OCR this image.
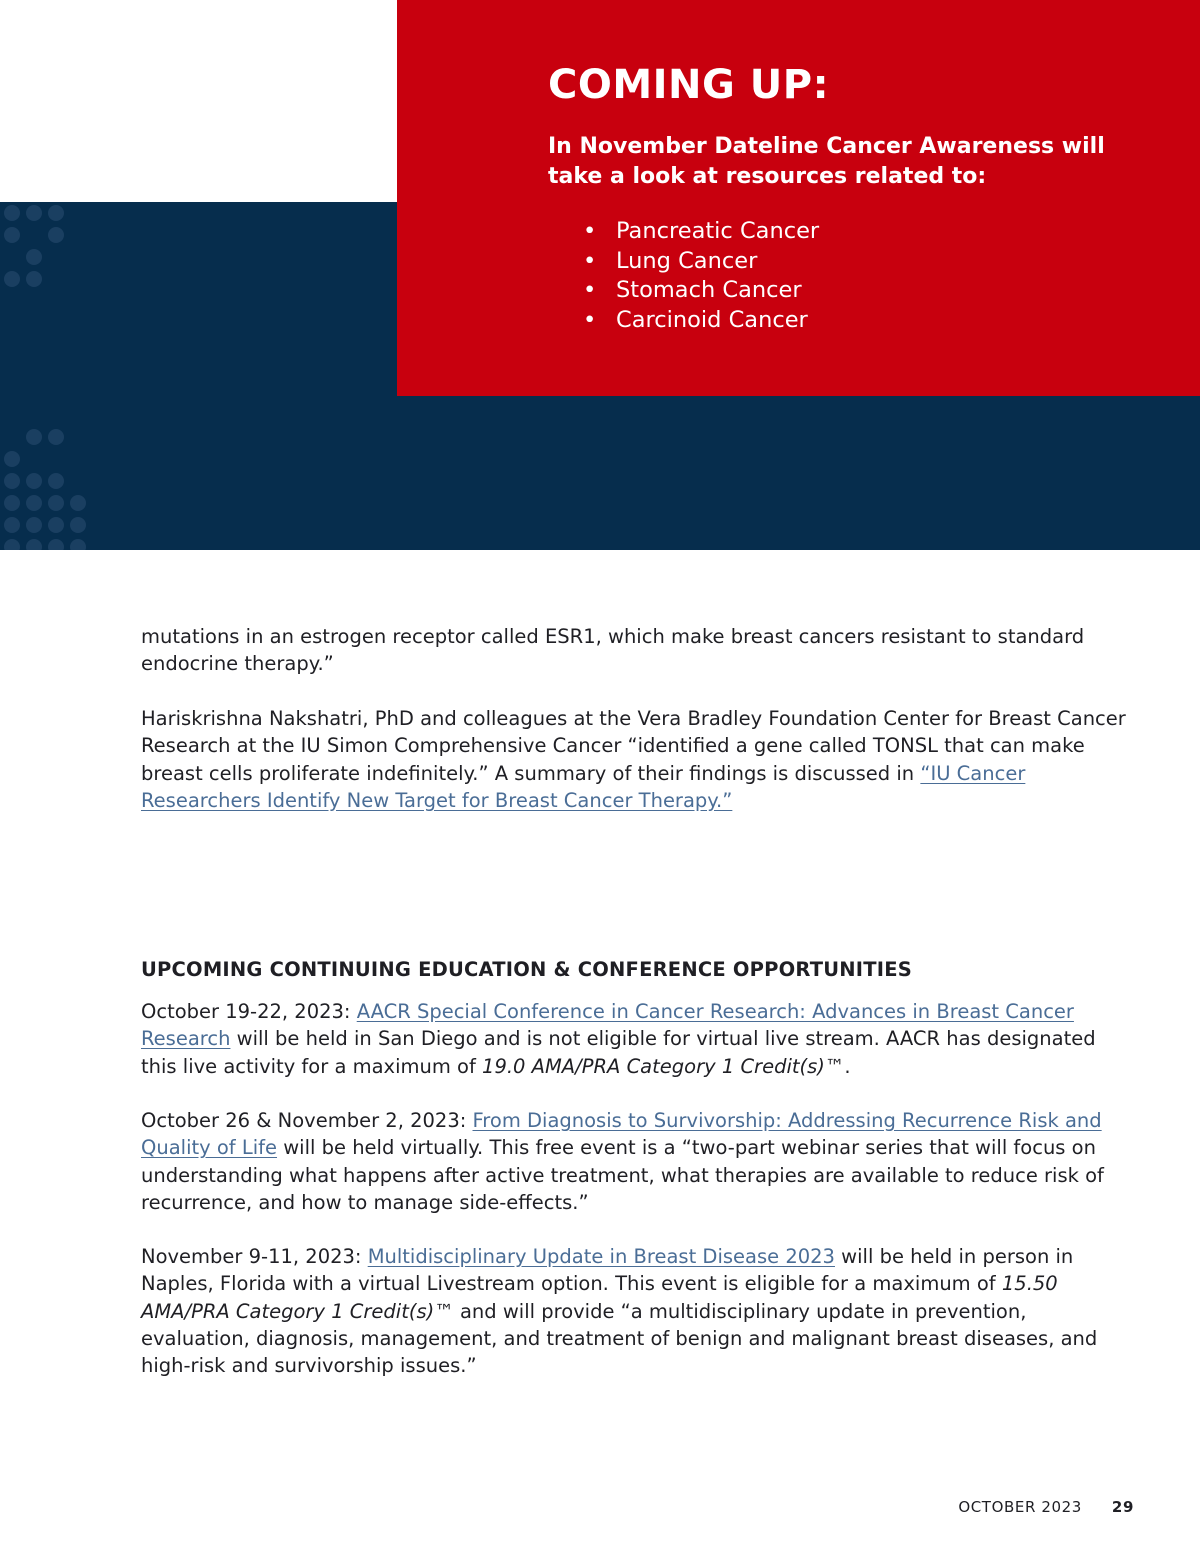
COMING UP:

In November Dateline Cancer Awareness will take a look at resources related to:

• Pancreatic Cancer
• Lung Cancer
• Stomach Cancer
• Carcinoid Cancer

mutations in an estrogen receptor called ESR1, which make breast cancers resistant to standard endocrine therapy.”

Hariskrishna Nakshatri, PhD and colleagues at the Vera Bradley Foundation Center for Breast Cancer Research at the IU Simon Comprehensive Cancer “identified a gene called TONSL that can make breast cells proliferate indefinitely.” A summary of their findings is discussed in “IU Cancer Researchers Identify New Target for Breast Cancer Therapy.”

UPCOMING CONTINUING EDUCATION & CONFERENCE OPPORTUNITIES

October 19-22, 2023: AACR Special Conference in Cancer Research: Advances in Breast Cancer Research will be held in San Diego and is not eligible for virtual live stream. AACR has designated this live activity for a maximum of 19.0 AMA/PRA Category 1 Credit(s)™.

October 26 & November 2, 2023: From Diagnosis to Survivorship: Addressing Recurrence Risk and Quality of Life will be held virtually. This free event is a “two-part webinar series that will focus on understanding what happens after active treatment, what therapies are available to reduce risk of recurrence, and how to manage side-effects.”

November 9-11, 2023: Multidisciplinary Update in Breast Disease 2023 will be held in person in Naples, Florida with a virtual Livestream option. This event is eligible for a maximum of 15.50 AMA/PRA Category 1 Credit(s)™ and will provide “a multidisciplinary update in prevention, evaluation, diagnosis, management, and treatment of benign and malignant breast diseases, and high-risk and survivorship issues.”

OCTOBER 2023 29
